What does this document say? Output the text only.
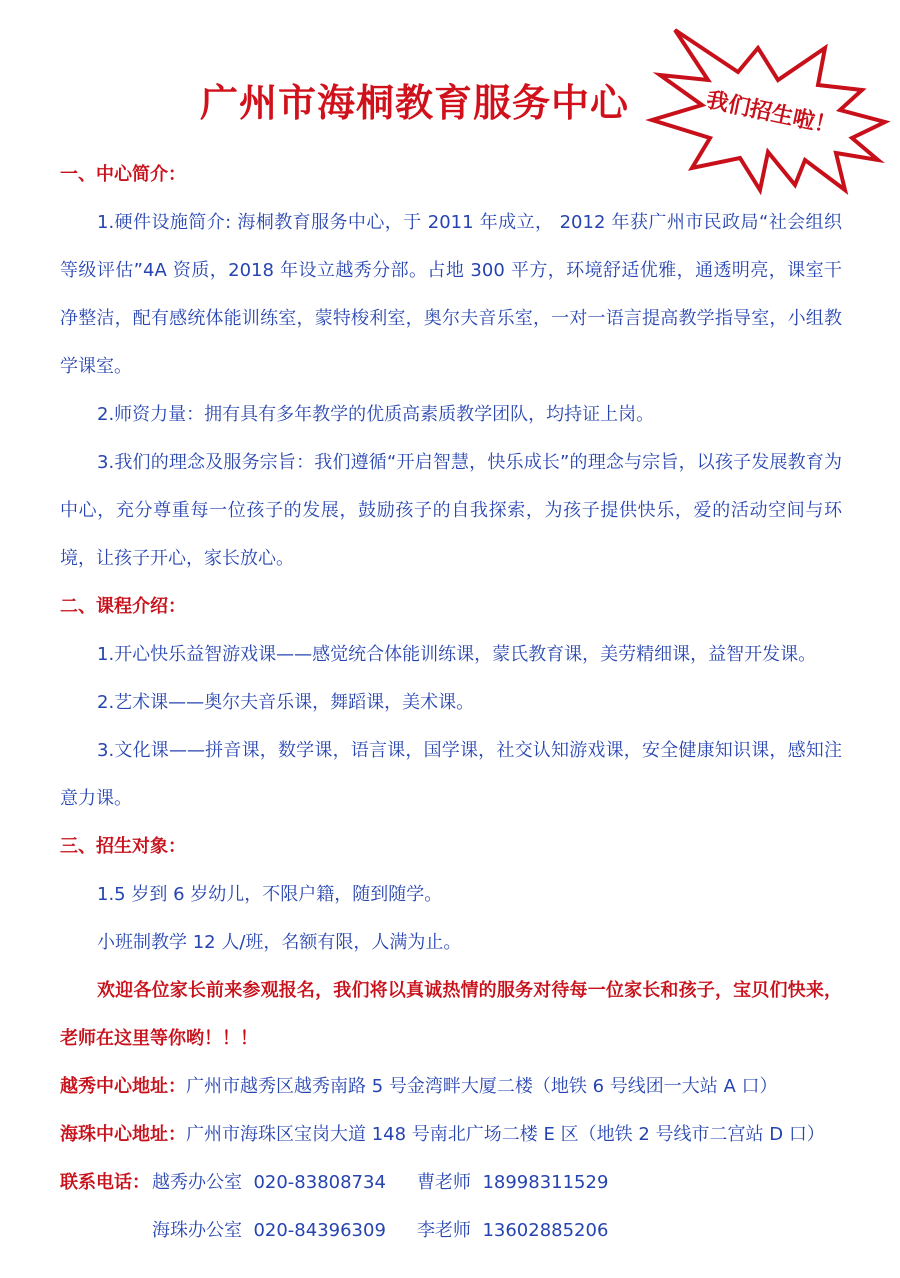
广州市海桐教育服务中心	我们招生啦！

一、中心简介：

1.硬件设施简介: 海桐教育服务中心，于 2011 年成立， 2012 年获广州市民政局“社会组织等级评估”4A 资质，2018 年设立越秀分部。占地 300 平方，环境舒适优雅，通透明亮，课室干净整洁，配有感统体能训练室，蒙特梭利室，奥尔夫音乐室，一对一语言提高教学指导室，小组教学课室。

2.师资力量：拥有具有多年教学的优质高素质教学团队，均持证上岗。

3.我们的理念及服务宗旨：我们遵循“开启智慧，快乐成长”的理念与宗旨，以孩子发展教育为中心，充分尊重每一位孩子的发展，鼓励孩子的自我探索，为孩子提供快乐，爱的活动空间与环境，让孩子开心，家长放心。

二、课程介绍：

1.开心快乐益智游戏课——感觉统合体能训练课，蒙氏教育课，美劳精细课，益智开发课。

2.艺术课——奥尔夫音乐课，舞蹈课，美术课。

3.文化课——拼音课，数学课，语言课，国学课，社交认知游戏课，安全健康知识课，感知注意力课。

三、招生对象：

1.5 岁到 6 岁幼儿，不限户籍，随到随学。

小班制教学 12 人/班，名额有限，人满为止。

欢迎各位家长前来参观报名，我们将以真诚热情的服务对待每一位家长和孩子，宝贝们快来，老师在这里等你哟！！！

越秀中心地址：广州市越秀区越秀南路 5 号金湾畔大厦二楼（地铁 6 号线团一大站 A 口）

海珠中心地址：广州市海珠区宝岗大道 148 号南北广场二楼 E 区（地铁 2 号线市二宫站 D 口）

联系电话： 越秀办公室  020-83808734	曹老师  18998311529
海珠办公室  020-84396309	李老师  13602885206
